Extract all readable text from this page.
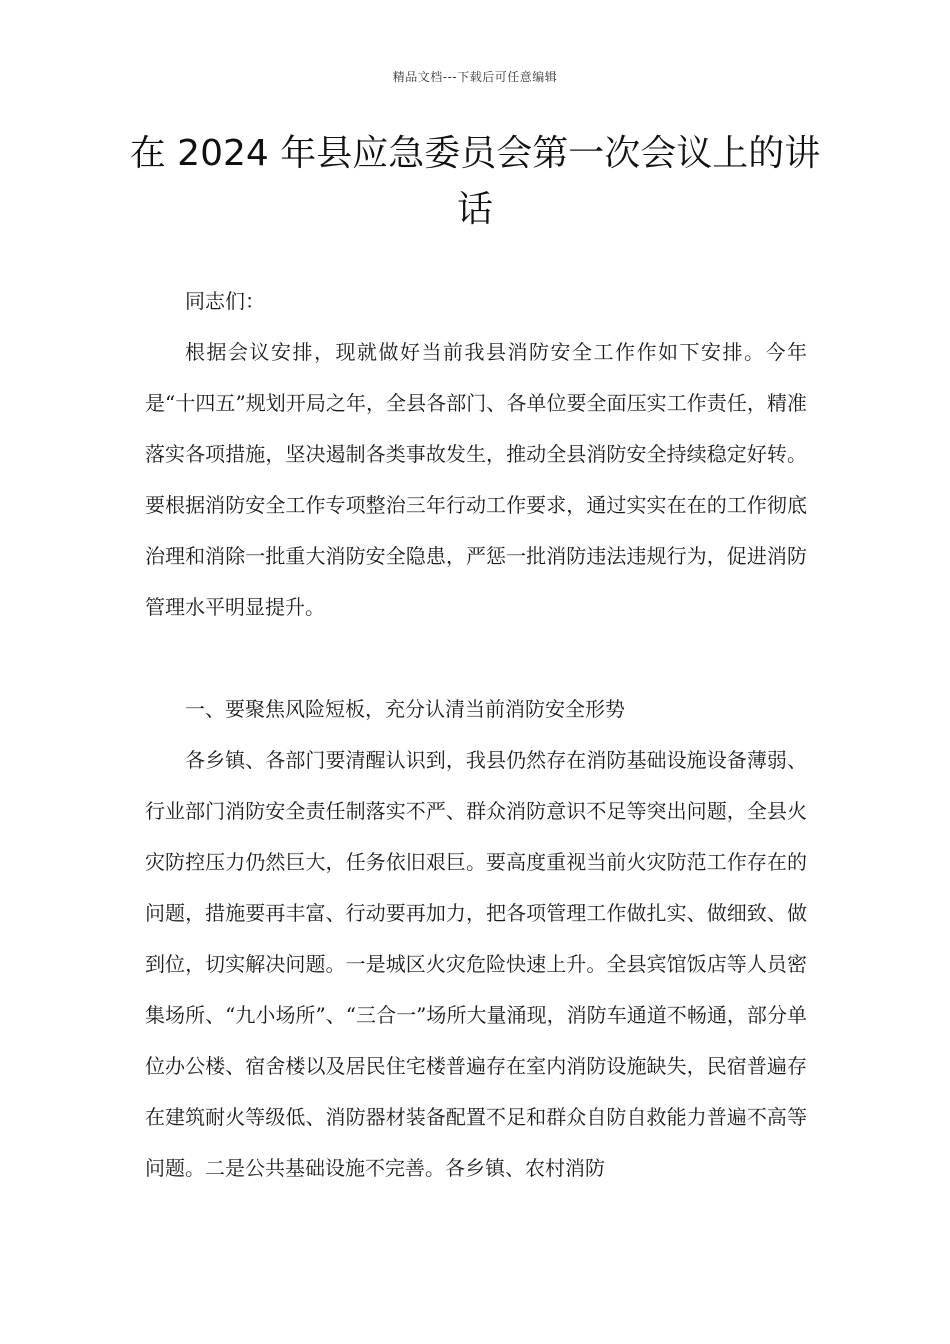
精品文档---下载后可任意编辑
在 2024 年县应急委员会第一次会议上的讲话

同志们：

根据会议安排，现就做好当前我县消防安全工作作如下安排。今年是“十四五”规划开局之年，全县各部门、各单位要全面压实工作责任，精准落实各项措施，坚决遏制各类事故发生，推动全县消防安全持续稳定好转。要根据消防安全工作专项整治三年行动工作要求，通过实实在在的工作彻底治理和消除一批重大消防安全隐患，严惩一批消防违法违规行为，促进消防管理水平明显提升。

一、要聚焦风险短板，充分认清当前消防安全形势

各乡镇、各部门要清醒认识到，我县仍然存在消防基础设施设备薄弱、行业部门消防安全责任制落实不严、群众消防意识不足等突出问题，全县火灾防控压力仍然巨大，任务依旧艰巨。要高度重视当前火灾防范工作存在的问题，措施要再丰富、行动要再加力，把各项管理工作做扎实、做细致、做到位，切实解决问题。一是城区火灾危险快速上升。全县宾馆饭店等人员密集场所、“九小场所”、“三合一”场所大量涌现，消防车通道不畅通，部分单位办公楼、宿舍楼以及居民住宅楼普遍存在室内消防设施缺失，民宿普遍存在建筑耐火等级低、消防器材装备配置不足和群众自防自救能力普遍不高等问题。二是公共基础设施不完善。各乡镇、农村消防
